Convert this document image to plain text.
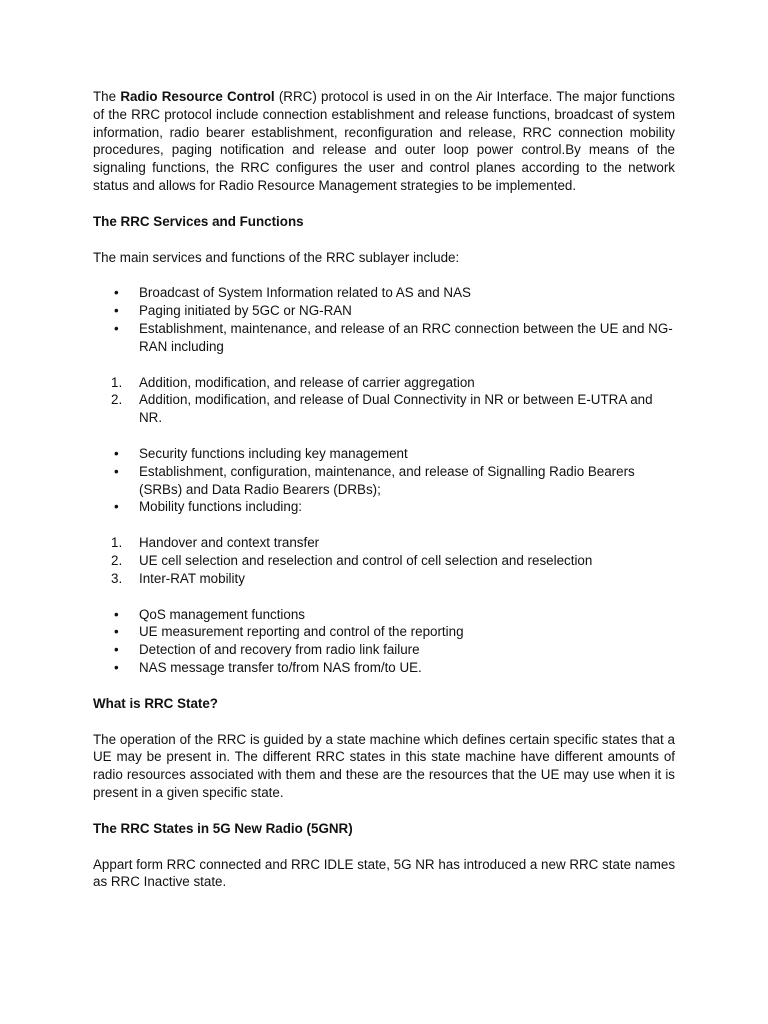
The Radio Resource Control (RRC) protocol is used in on the Air Interface. The major functions of the RRC protocol include connection establishment and release functions, broadcast of system information, radio bearer establishment, reconfiguration and release, RRC connection mobility procedures, paging notification and release and outer loop power control.By means of the signaling functions, the RRC configures the user and control planes according to the network status and allows for Radio Resource Management strategies to be implemented.

The RRC Services and Functions

The main services and functions of the RRC sublayer include:

• Broadcast of System Information related to AS and NAS
• Paging initiated by 5GC or NG-RAN
• Establishment, maintenance, and release of an RRC connection between the UE and NG-RAN including
1. Addition, modification, and release of carrier aggregation
2. Addition, modification, and release of Dual Connectivity in NR or between E-UTRA and NR.
• Security functions including key management
• Establishment, configuration, maintenance, and release of Signalling Radio Bearers (SRBs) and Data Radio Bearers (DRBs);
• Mobility functions including:
1. Handover and context transfer
2. UE cell selection and reselection and control of cell selection and reselection
3. Inter-RAT mobility
• QoS management functions
• UE measurement reporting and control of the reporting
• Detection of and recovery from radio link failure
• NAS message transfer to/from NAS from/to UE.

What is RRC State?

The operation of the RRC is guided by a state machine which defines certain specific states that a UE may be present in. The different RRC states in this state machine have different amounts of radio resources associated with them and these are the resources that the UE may use when it is present in a given specific state.

The RRC States in 5G New Radio (5GNR)

Appart form RRC connected and RRC IDLE state, 5G NR has introduced a new RRC state names as RRC Inactive state.
